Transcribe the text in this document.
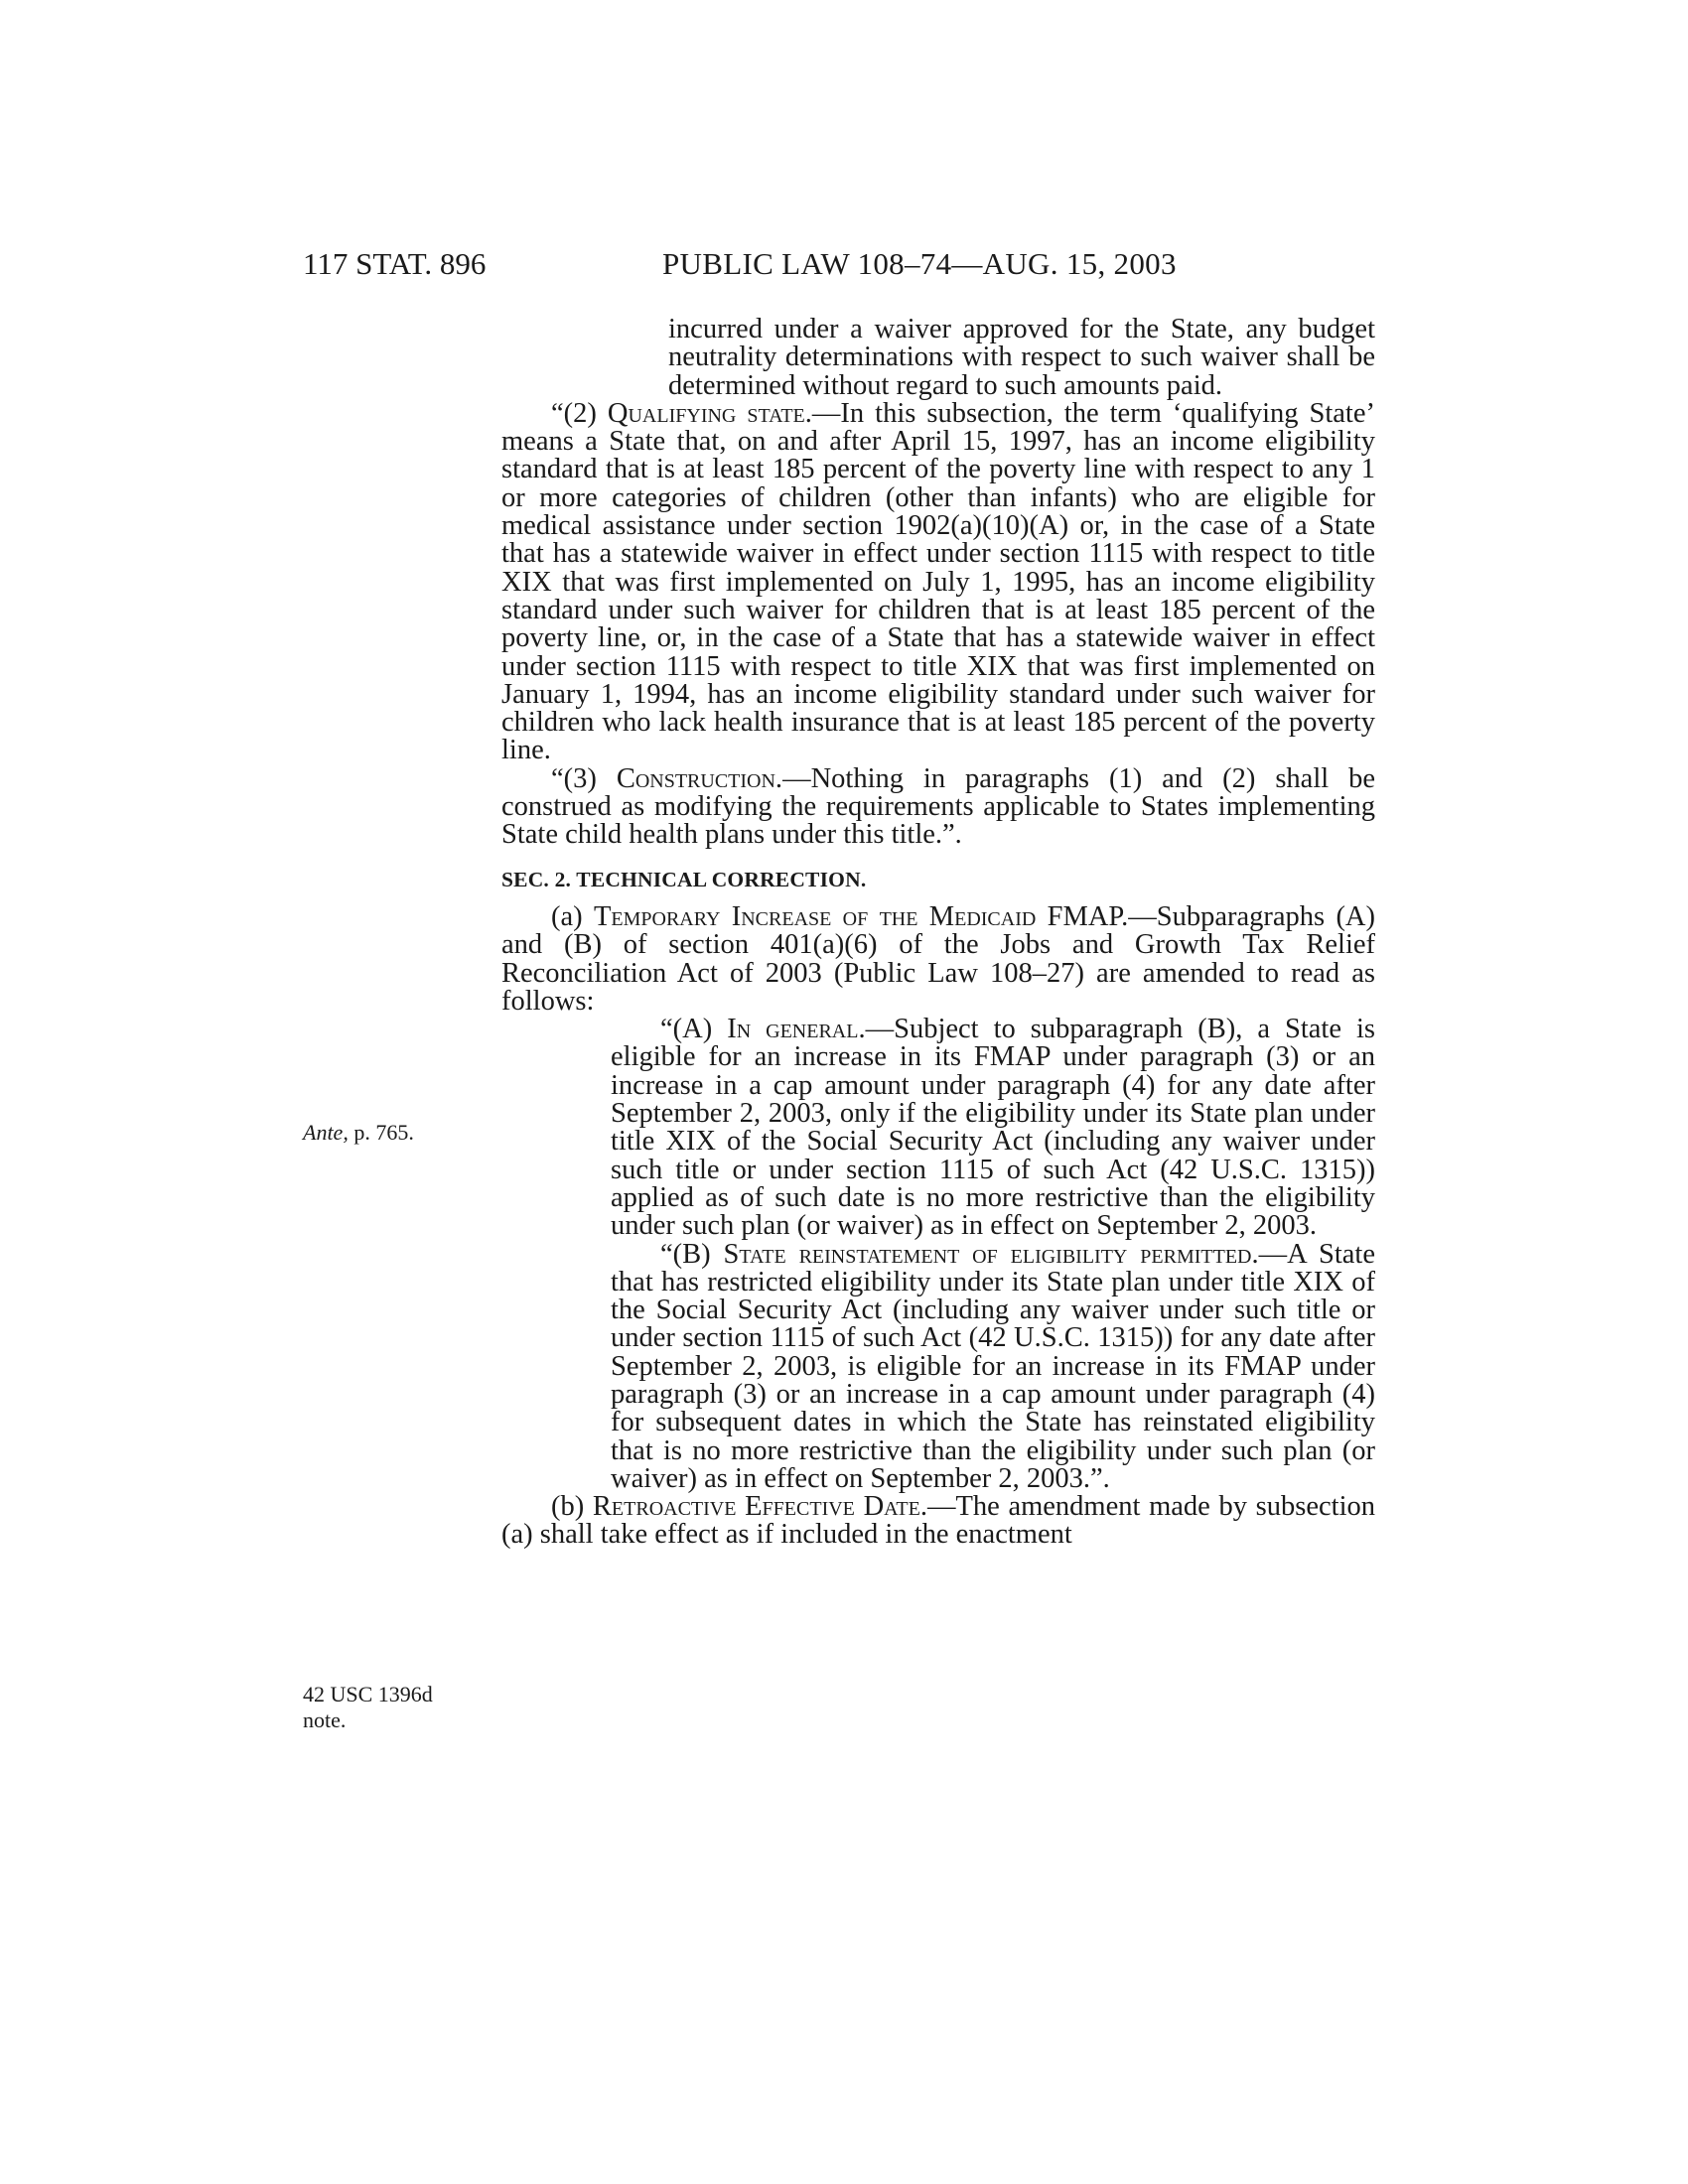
117 STAT. 896	PUBLIC LAW 108–74—AUG. 15, 2003
Ante, p. 765.
42 USC 1396d
note.

incurred under a waiver approved for the State, any budget neutrality determinations with respect to such waiver shall be determined without regard to such amounts paid.

“(2) Qualifying state.—In this subsection, the term ‘qualifying State’ means a State that, on and after April 15, 1997, has an income eligibility standard that is at least 185 percent of the poverty line with respect to any 1 or more categories of children (other than infants) who are eligible for medical assistance under section 1902(a)(10)(A) or, in the case of a State that has a statewide waiver in effect under section 1115 with respect to title XIX that was first implemented on July 1, 1995, has an income eligibility standard under such waiver for children that is at least 185 percent of the poverty line, or, in the case of a State that has a statewide waiver in effect under section 1115 with respect to title XIX that was first implemented on January 1, 1994, has an income eligibility standard under such waiver for children who lack health insurance that is at least 185 percent of the poverty line.

“(3) Construction.—Nothing in paragraphs (1) and (2) shall be construed as modifying the requirements applicable to States implementing State child health plans under this title.”.

SEC. 2. TECHNICAL CORRECTION.

(a) Temporary Increase of the Medicaid FMAP.—Subparagraphs (A) and (B) of section 401(a)(6) of the Jobs and Growth Tax Relief Reconciliation Act of 2003 (Public Law 108–27) are amended to read as follows:

“(A) In general.—Subject to subparagraph (B), a State is eligible for an increase in its FMAP under paragraph (3) or an increase in a cap amount under paragraph (4) for any date after September 2, 2003, only if the eligibility under its State plan under title XIX of the Social Security Act (including any waiver under such title or under section 1115 of such Act (42 U.S.C. 1315)) applied as of such date is no more restrictive than the eligibility under such plan (or waiver) as in effect on September 2, 2003.

“(B) State reinstatement of eligibility permitted.—A State that has restricted eligibility under its State plan under title XIX of the Social Security Act (including any waiver under such title or under section 1115 of such Act (42 U.S.C. 1315)) for any date after September 2, 2003, is eligible for an increase in its FMAP under paragraph (3) or an increase in a cap amount under paragraph (4) for subsequent dates in which the State has reinstated eligibility that is no more restrictive than the eligibility under such plan (or waiver) as in effect on September 2, 2003.”.

(b) Retroactive Effective Date.—The amendment made by subsection (a) shall take effect as if included in the enactment
